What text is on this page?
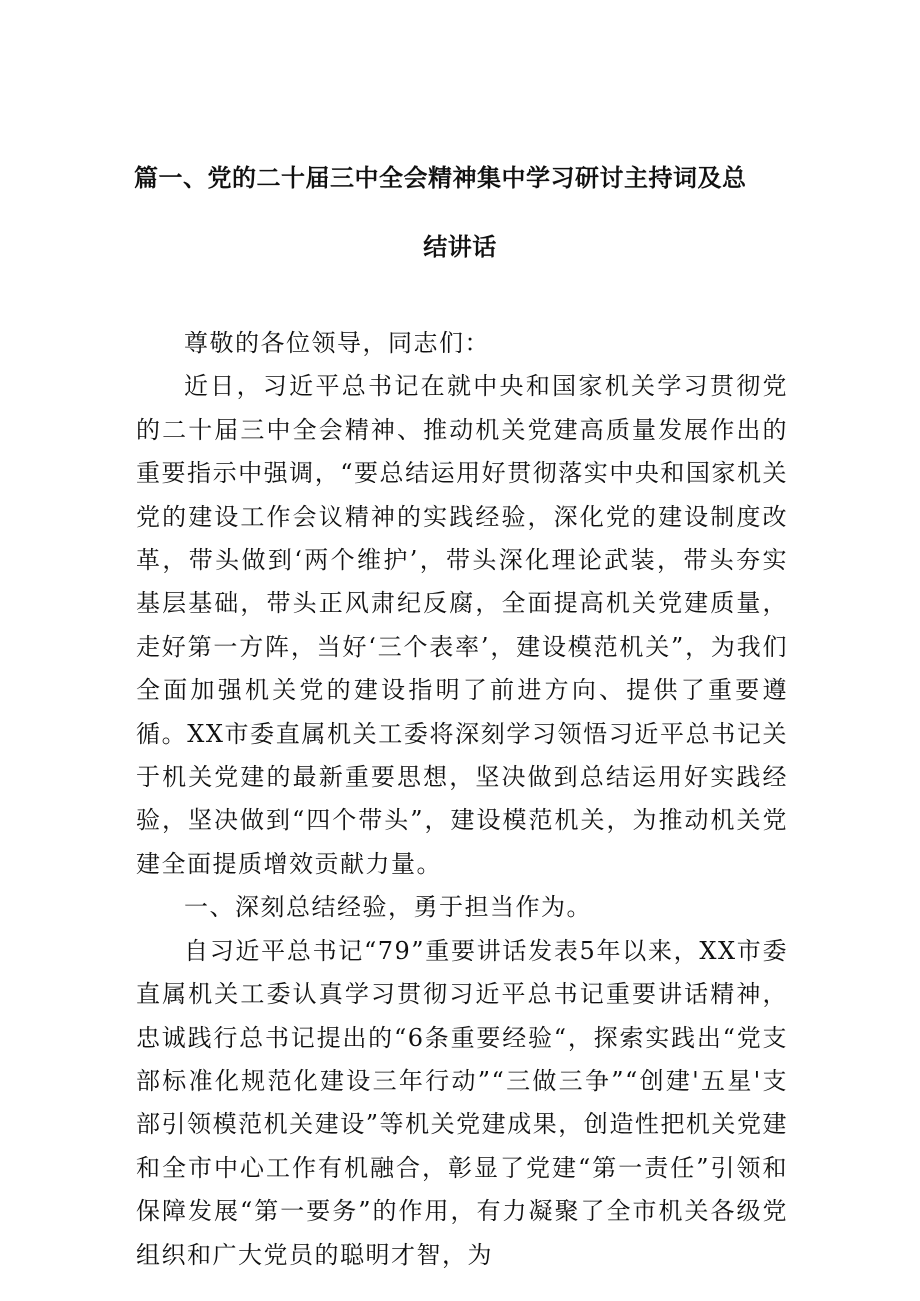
篇一、党的二十届三中全会精神集中学习研讨主持词及总
结讲话

尊敬的各位领导，同志们：

近日，习近平总书记在就中央和国家机关学习贯彻党的二十届三中全会精神、推动机关党建高质量发展作出的重要指示中强调，“要总结运用好贯彻落实中央和国家机关党的建设工作会议精神的实践经验，深化党的建设制度改革，带头做到‘两个维护’，带头深化理论武装，带头夯实基层基础，带头正风肃纪反腐，全面提高机关党建质量，走好第一方阵，当好‘三个表率’，建设模范机关”，为我们全面加强机关党的建设指明了前进方向、提供了重要遵循。XX市委直属机关工委将深刻学习领悟习近平总书记关于机关党建的最新重要思想，坚决做到总结运用好实践经验，坚决做到“四个带头”，建设模范机关，为推动机关党建全面提质增效贡献力量。

一、深刻总结经验，勇于担当作为。

自习近平总书记“79”重要讲话发表5年以来，XX市委直属机关工委认真学习贯彻习近平总书记重要讲话精神，忠诚践行总书记提出的“6条重要经验“，探索实践出“党支部标准化规范化建设三年行动”“三做三争”“创建'五星'支部引领模范机关建设”等机关党建成果，创造性把机关党建和全市中心工作有机融合，彰显了党建“第一责任”引领和保障发展“第一要务”的作用，有力凝聚了全市机关各级党组织和广大党员的聪明才智，为
